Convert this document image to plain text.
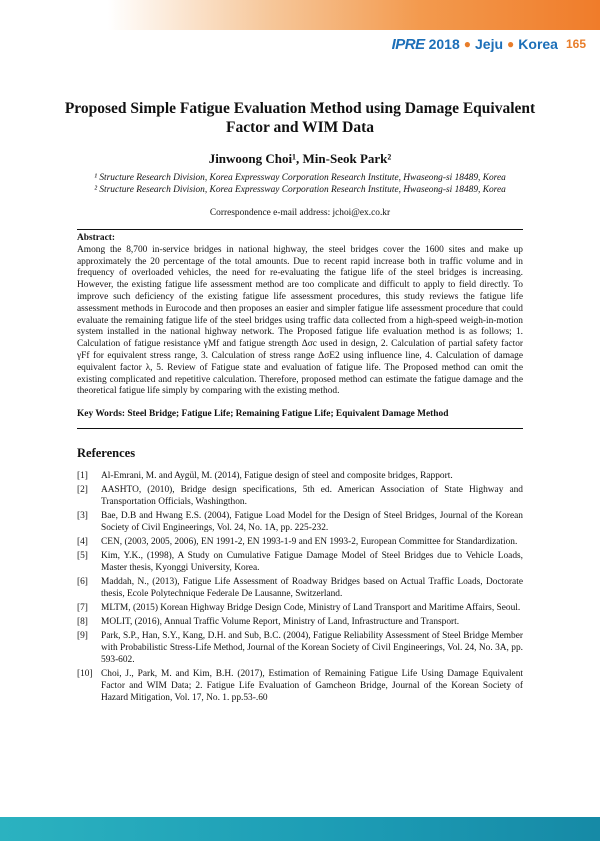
IPRE 2018 ● Jeju ● Korea 165
Proposed Simple Fatigue Evaluation Method using Damage Equivalent Factor and WIM Data
Jinwoong Choi¹, Min-Seok Park²
¹ Structure Research Division, Korea Expressway Corporation Research Institute, Hwaseong-si 18489, Korea
² Structure Research Division, Korea Expressway Corporation Research Institute, Hwaseong-si 18489, Korea
Correspondence e-mail address: jchoi@ex.co.kr
Abstract:
Among the 8,700 in-service bridges in national highway, the steel bridges cover the 1600 sites and make up approximately the 20 percentage of the total amounts. Due to recent rapid increase both in traffic volume and in frequency of overloaded vehicles, the need for re-evaluating the fatigue life of the steel bridges is increasing. However, the existing fatigue life assessment method are too complicate and difficult to apply to field directly. To improve such deficiency of the existing fatigue life assessment procedures, this study reviews the fatigue life assessment methods in Eurocode and then proposes an easier and simpler fatigue life assessment procedure that could evaluate the remaining fatigue life of the steel bridges using traffic data collected from a high-speed weigh-in-motion system installed in the national highway network. The Proposed fatigue life evaluation method is as follows; 1. Calculation of fatigue resistance γMf and fatigue strength Δσc used in design, 2. Calculation of partial safety factor γFf for equivalent stress range, 3. Calculation of stress range ΔσE2 using influence line, 4. Calculation of damage equivalent factor λ, 5. Review of Fatigue state and evaluation of fatigue life. The Proposed method can omit the existing complicated and repetitive calculation. Therefore, proposed method can estimate the fatigue damage and the theoretical fatigue life simply by comparing with the existing method.
Key Words: Steel Bridge; Fatigue Life; Remaining Fatigue Life; Equivalent Damage Method
References
[1] Al-Emrani, M. and Aygül, M. (2014), Fatigue design of steel and composite bridges, Rapport.
[2] AASHTO, (2010), Bridge design specifications, 5th ed. American Association of State Highway and Transportation Officials, Washingthon.
[3] Bae, D.B and Hwang E.S. (2004), Fatigue Load Model for the Design of Steel Bridges, Journal of the Korean Society of Civil Engineerings, Vol. 24, No. 1A, pp. 225-232.
[4] CEN, (2003, 2005, 2006), EN 1991-2, EN 1993-1-9 and EN 1993-2, European Committee for Standardization.
[5] Kim, Y.K., (1998), A Study on Cumulative Fatigue Damage Model of Steel Bridges due to Vehicle Loads, Master thesis, Kyonggi University, Korea.
[6] Maddah, N., (2013), Fatigue Life Assessment of Roadway Bridges based on Actual Traffic Loads, Doctorate thesis, Ecole Polytechnique Federale De Lausanne, Switzerland.
[7] MLTM, (2015) Korean Highway Bridge Design Code, Ministry of Land Transport and Maritime Affairs, Seoul.
[8] MOLIT, (2016), Annual Traffic Volume Report, Ministry of Land, Infrastructure and Transport.
[9] Park, S.P., Han, S.Y., Kang, D.H. and Sub, B.C. (2004), Fatigue Reliability Assessment of Steel Bridge Member with Probabilistic Stress-Life Method, Journal of the Korean Society of Civil Engineerings, Vol. 24, No. 3A, pp. 593-602.
[10] Choi, J., Park, M. and Kim, B.H. (2017), Estimation of Remaining Fatigue Life Using Damage Equivalent Factor and WIM Data; 2. Fatigue Life Evaluation of Gamcheon Bridge, Journal of the Korean Society of Hazard Mitigation, Vol. 17, No. 1. pp.53-.60
